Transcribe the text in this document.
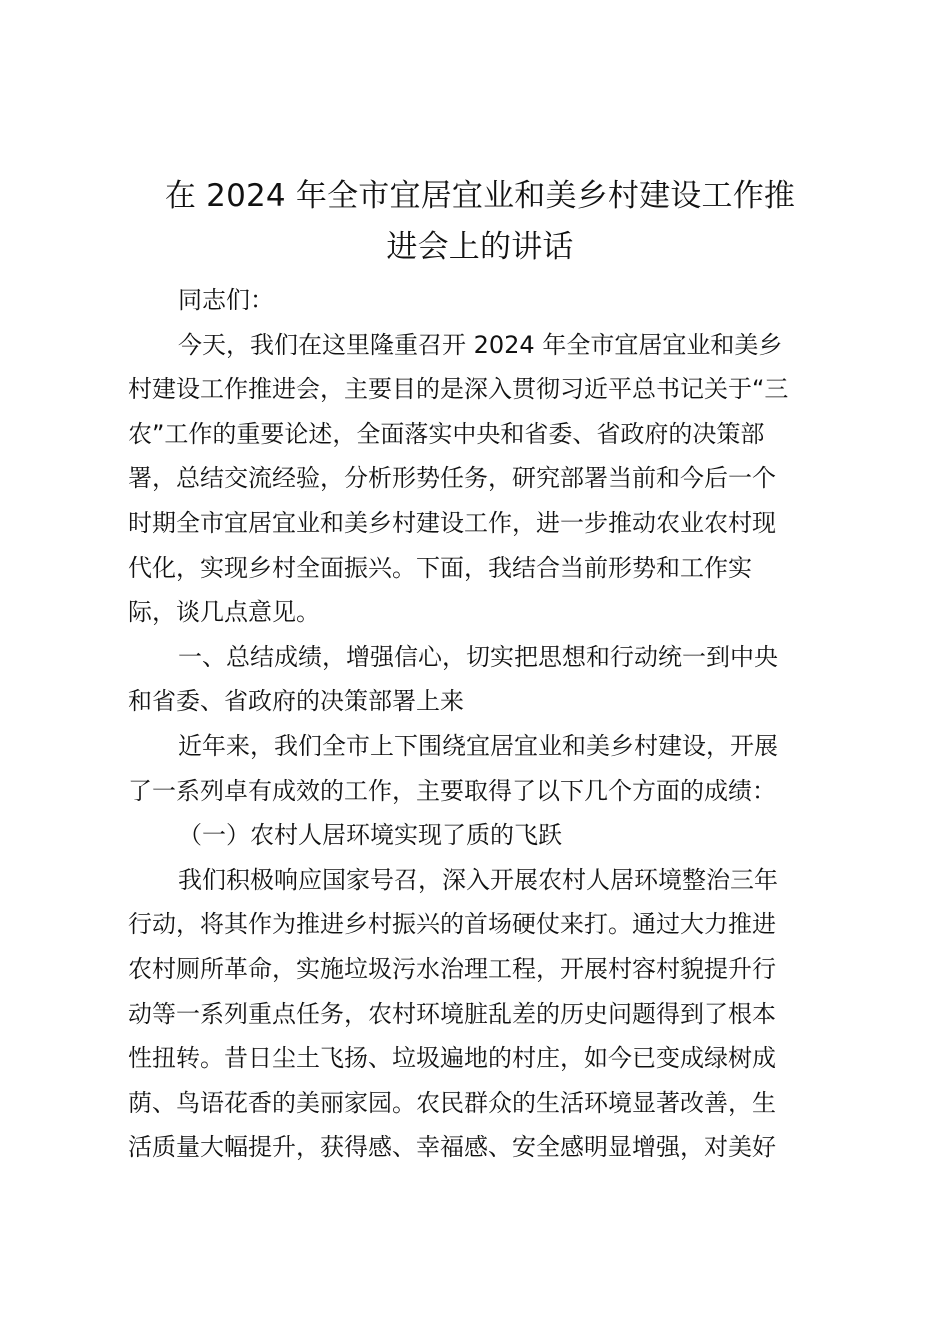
在 2024 年全市宜居宜业和美乡村建设工作推
进会上的讲话
同志们：
今天，我们在这里隆重召开 2024 年全市宜居宜业和美乡
村建设工作推进会，主要目的是深入贯彻习近平总书记关于“三
农”工作的重要论述，全面落实中央和省委、省政府的决策部
署，总结交流经验，分析形势任务，研究部署当前和今后一个
时期全市宜居宜业和美乡村建设工作，进一步推动农业农村现
代化，实现乡村全面振兴。下面，我结合当前形势和工作实
际，谈几点意见。
一、总结成绩，增强信心，切实把思想和行动统一到中央
和省委、省政府的决策部署上来
近年来，我们全市上下围绕宜居宜业和美乡村建设，开展
了一系列卓有成效的工作，主要取得了以下几个方面的成绩：
（一）农村人居环境实现了质的飞跃
我们积极响应国家号召，深入开展农村人居环境整治三年
行动，将其作为推进乡村振兴的首场硬仗来打。通过大力推进
农村厕所革命，实施垃圾污水治理工程，开展村容村貌提升行
动等一系列重点任务，农村环境脏乱差的历史问题得到了根本
性扭转。昔日尘土飞扬、垃圾遍地的村庄，如今已变成绿树成
荫、鸟语花香的美丽家园。农民群众的生活环境显著改善，生
活质量大幅提升，获得感、幸福感、安全感明显增强，对美好
